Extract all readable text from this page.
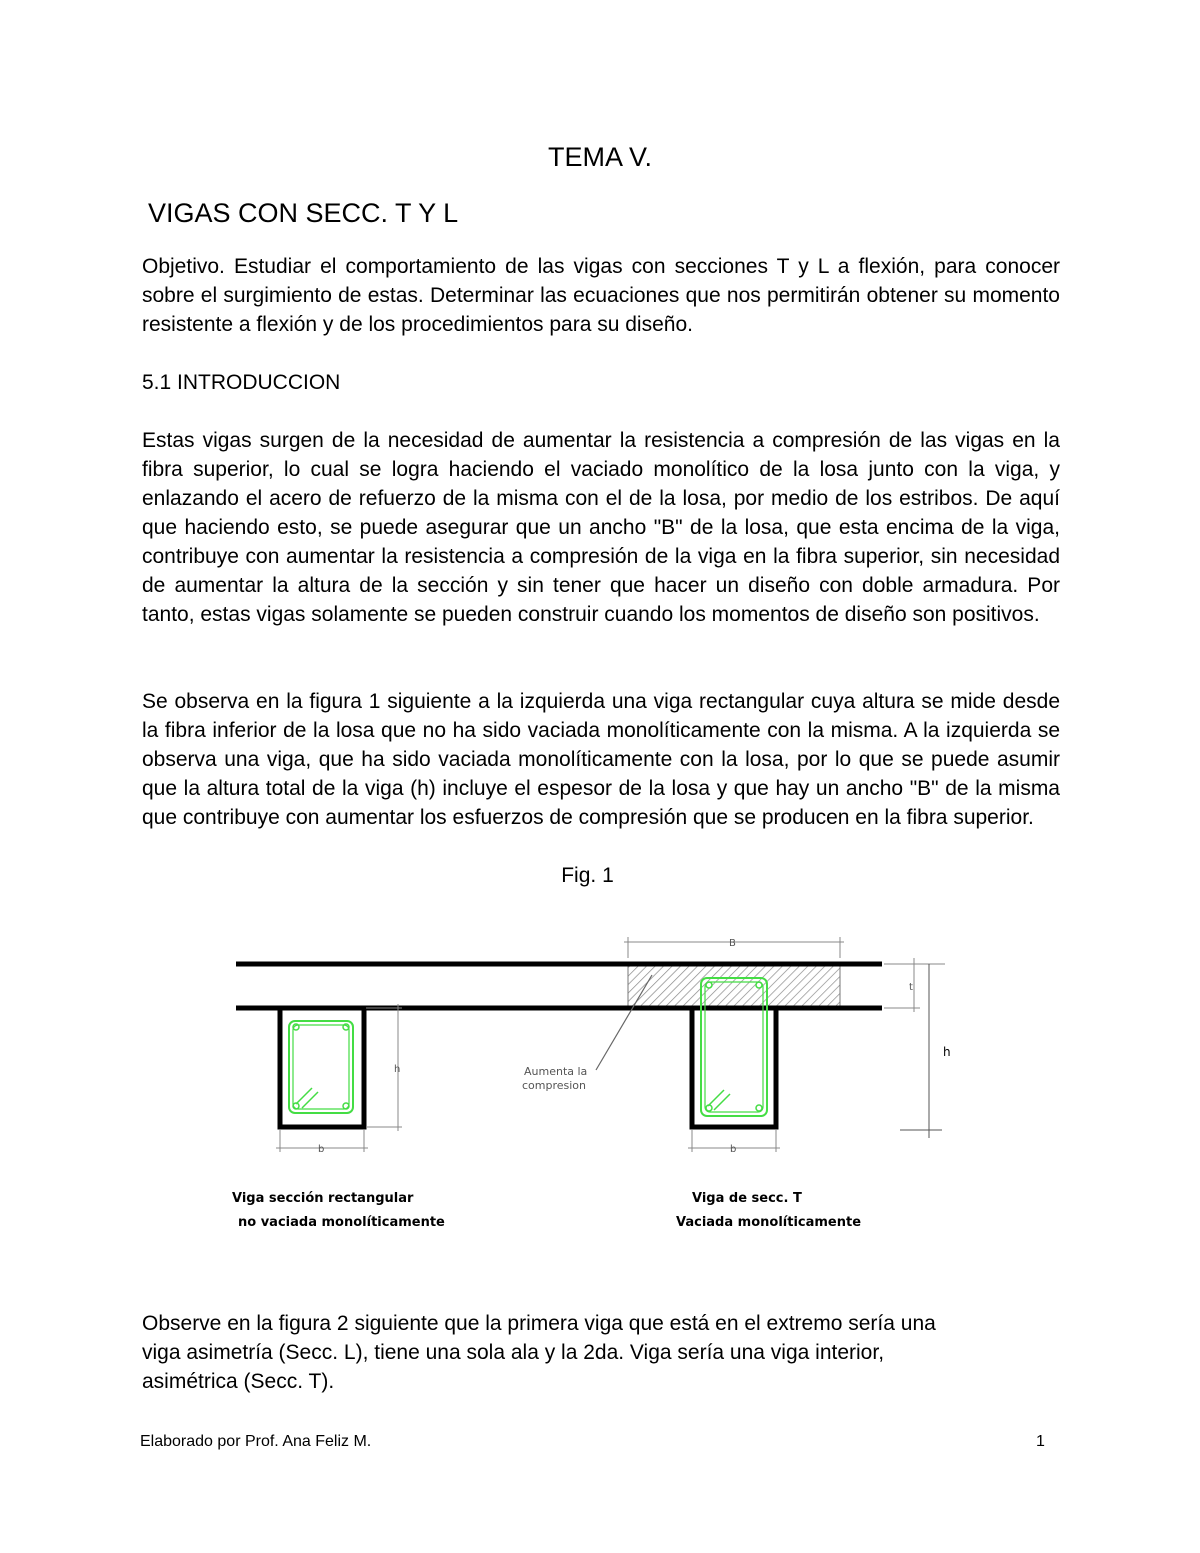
TEMA V.
VIGAS CON SECC. T Y L
Objetivo. Estudiar el comportamiento de las vigas con secciones T y L a flexión, para conocer sobre el surgimiento de estas. Determinar las ecuaciones que nos permitirán obtener su momento resistente a flexión y de los procedimientos para su diseño.
5.1 INTRODUCCION
Estas vigas surgen de la necesidad de aumentar la resistencia a compresión de las vigas en la fibra superior, lo cual se logra haciendo el vaciado monolítico de la losa junto con la viga, y enlazando el acero de refuerzo de la misma con el de la losa, por medio de los estribos. De aquí que haciendo esto, se puede asegurar que un ancho "B" de la losa, que esta encima de la viga, contribuye con aumentar la resistencia a compresión de la viga en la fibra superior, sin necesidad de aumentar la altura de la sección y sin tener que hacer un diseño con doble armadura. Por tanto, estas vigas solamente se pueden construir cuando los momentos de diseño son positivos.
Se observa en la figura 1 siguiente a la izquierda una viga rectangular cuya altura se mide desde la fibra inferior de la losa que no ha sido vaciada monolíticamente con la misma. A la izquierda se observa una viga, que ha sido vaciada monolíticamente con la losa, por lo que se puede asumir que la altura total de la viga (h) incluye el espesor de la losa y que hay un ancho "B" de la misma que contribuye con aumentar los esfuerzos de compresión que se producen en la fibra superior.
Fig. 1
h
b	b
B
t
h
Aumenta la
compresion
Viga sección rectangular
no vaciada monolíticamente
Viga de secc. T
Vaciada monolíticamente
Observe en la figura 2 siguiente que la primera viga que está en el extremo sería una
viga asimetría (Secc. L), tiene una sola ala y la 2da. Viga sería una viga interior,
asimétrica (Secc. T).
Elaborado por Prof. Ana Feliz M.	1
